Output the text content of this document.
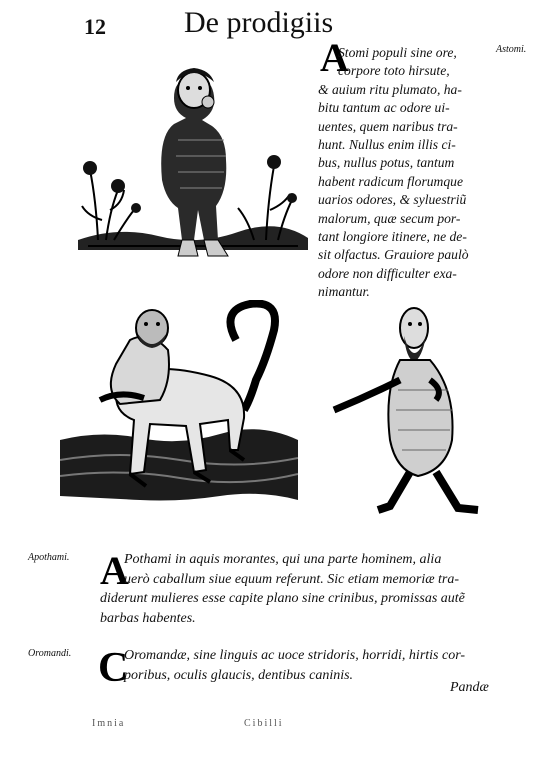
12	De prodigiis
Astomi.
A
Stomi populi sine ore,
corpore toto hirsute,
& auium ritu plumato, ha-
bitu tantum ac odore ui-
uentes, quem naribus tra-
hunt. Nullus enim illis ci-
bus, nullus potus, tantum
habent radicum florumque
uarios odores, & syluestriũ
malorum, quæ secum por-
tant longiore itinere, ne de-
sit olfactus. Grauiore paulò
odore non difficulter exa-
nimantur.
Apothami. A
Pothami in aquis morantes, qui una parte hominem, alia
uerò caballum siue equum referunt. Sic etiam memoriæ tra-
diderunt mulieres esse capite plano sine crinibus, promissas autẽ
barbas habentes.
Oromandi. C
Oromandæ, sine linguis ac uoce stridoris, horridi, hirtis cor-
poribus, oculis glaucis, dentibus caninis.
Pandæ
Imnia	Cibilli
